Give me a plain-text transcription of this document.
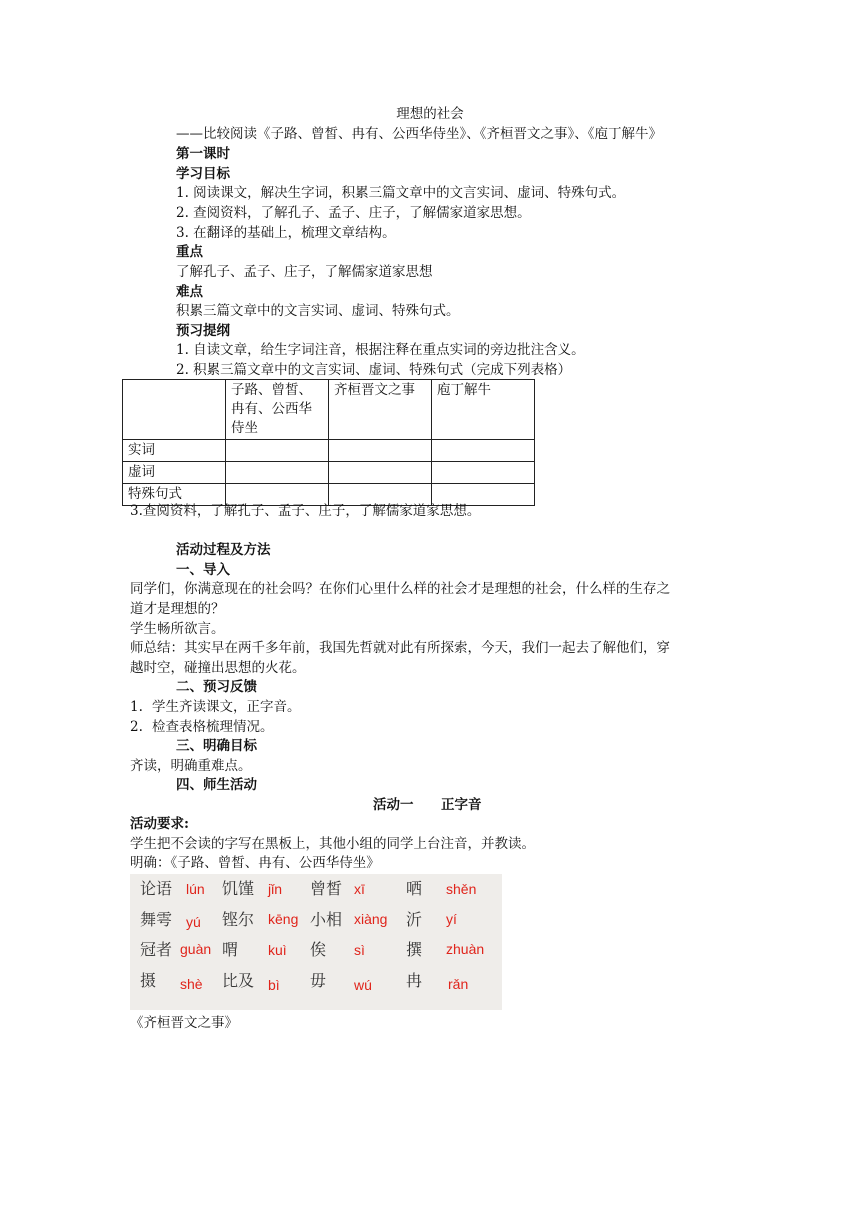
理想的社会
——比较阅读《子路、曾皙、冉有、公西华侍坐》、《齐桓晋文之事》、《庖丁解牛》
第一课时
学习目标
1. 阅读课文，解决生字词，积累三篇文章中的文言实词、虚词、特殊句式。
2. 查阅资料，了解孔子、孟子、庄子，了解儒家道家思想。
3. 在翻译的基础上，梳理文章结构。
重点
了解孔子、孟子、庄子，了解儒家道家思想
难点
积累三篇文章中的文言实词、虚词、特殊句式。
预习提纲
1. 自读文章，给生字词注音，根据注释在重点实词的旁边批注含义。
2. 积累三篇文章中的文言实词、虚词、特殊句式（完成下列表格）
	子路、曾皙、冉有、公西华侍坐	齐桓晋文之事	庖丁解牛
实词			
虚词			
特殊句式			
3.查阅资料，了解孔子、孟子、庄子，了解儒家道家思想。
活动过程及方法
一、导入
同学们，你满意现在的社会吗？在你们心里什么样的社会才是理想的社会，什么样的生存之
道才是理想的？
学生畅所欲言。
师总结：其实早在两千多年前，我国先哲就对此有所探索，今天，我们一起去了解他们，穿
越时空，碰撞出思想的火花。
二、预习反馈
1. 学生齐读课文，正字音。
2. 检查表格梳理情况。
三、明确目标
齐读，明确重难点。
四、师生活动
活动一 正字音
活动要求:
学生把不会读的字写在黑板上，其他小组的同学上台注音，并教读。
明确：《子路、曾皙、冉有、公西华侍坐》
论语 lún 饥馑 jǐn 曾皙 xī	哂 shěn
舞雩 yú 铿尔 kēng 小相 xiàng 沂 yí
冠者 guàn 喟 kuì 俟 sì	撰 zhuàn
摄 shè 比及 bì 毋 wú 冉 rǎn
《齐桓晋文之事》
